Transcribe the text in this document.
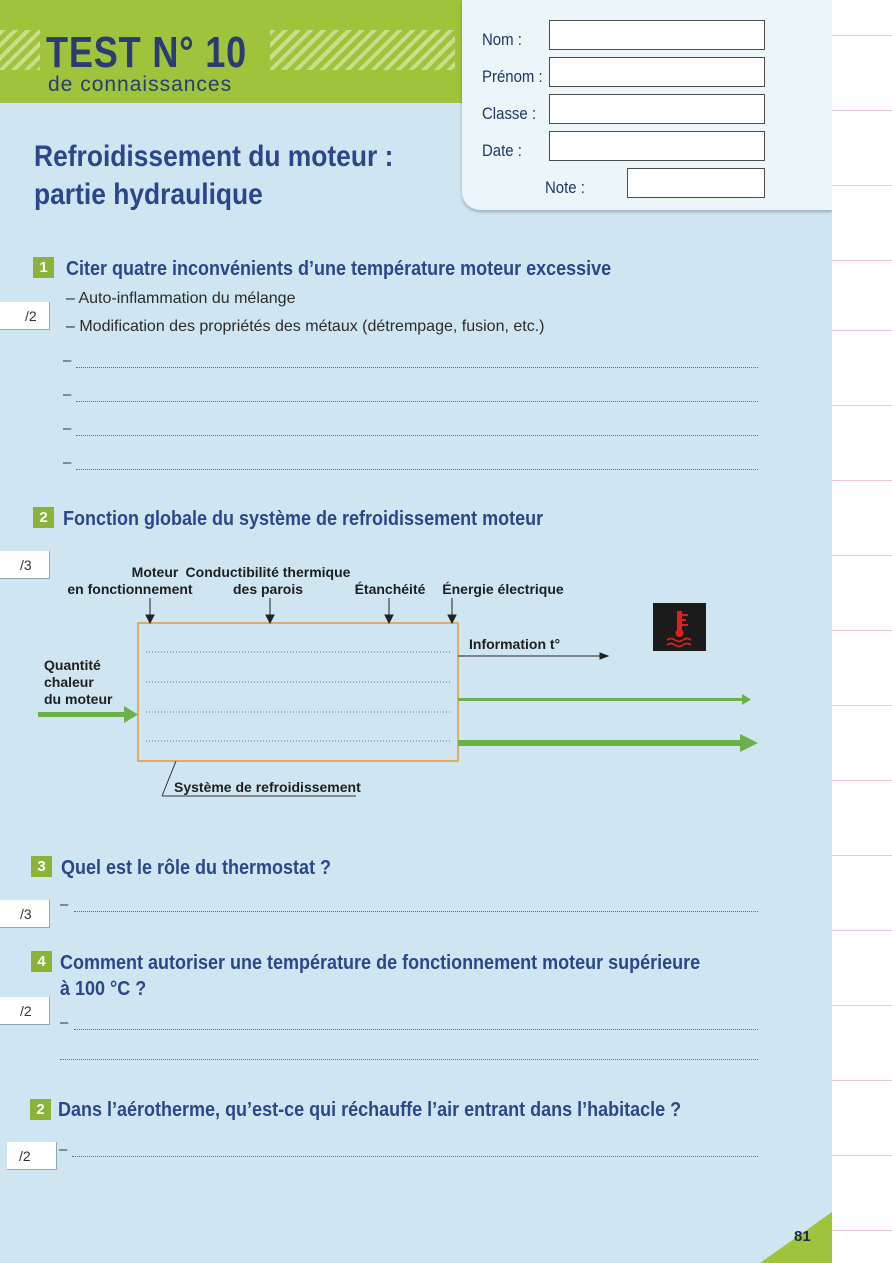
TEST N° 10
de connaissances
Nom :
Prénom :
Classe :
Date :
Note :
Refroidissement du moteur :
partie hydraulique
1 Citer quatre inconvénients d’une température moteur excessive
/2
– Auto-inflammation du mélange
– Modification des propriétés des métaux (détrempage, fusion, etc.)
–
–
–
–
2 Fonction globale du système de refroidissement moteur
/3	Moteur
en fonctionnement
Conductibilité thermique
des parois	Étanchéité	Énergie électrique
Quantité
chaleur
du moteur
Information t°
Système de refroidissement
3 Quel est le rôle du thermostat ?
/3
–
4 Comment autoriser une température de fonctionnement moteur supérieure
à 100 °C ?
/2
–
2 Dans l’aérotherme, qu’est-ce qui réchauffe l’air entrant dans l’habitacle ?
/2	–
81
